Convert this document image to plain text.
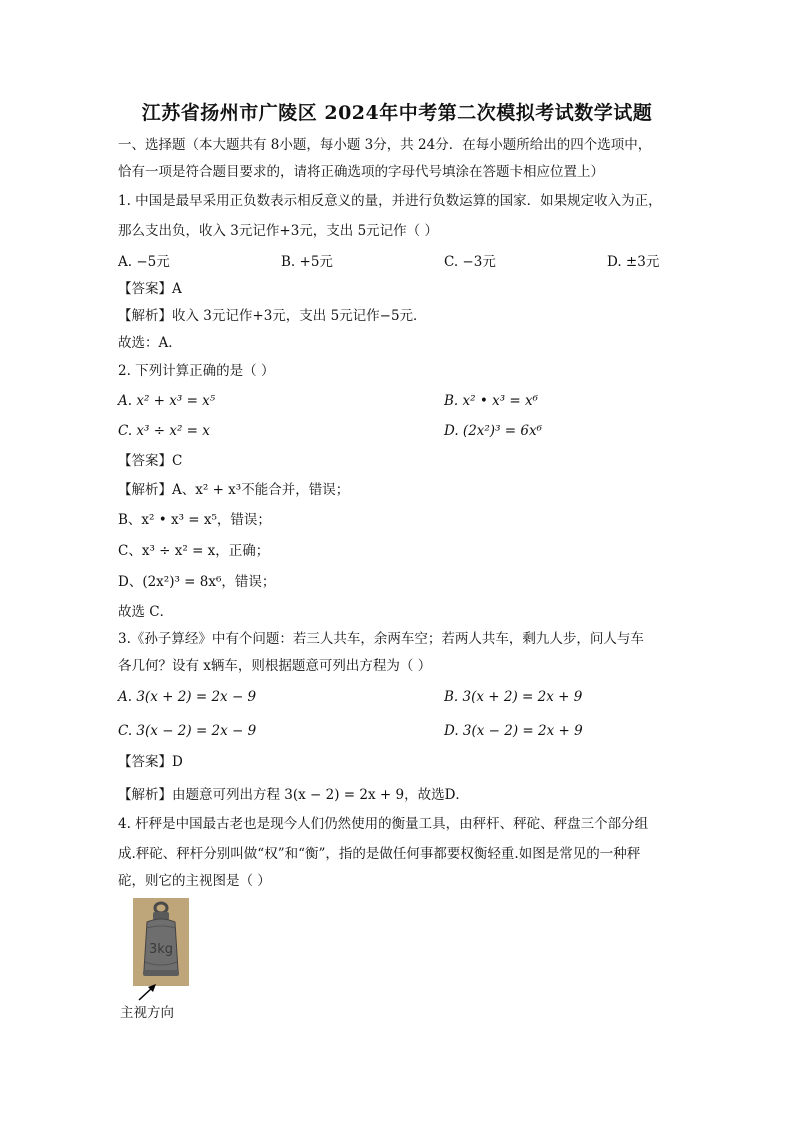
江苏省扬州市广陵区 2024年中考第二次模拟考试数学试题
一、选择题（本大题共有 8小题，每小题 3分，共 24分．在每小题所给出的四个选项中，
恰有一项是符合题目要求的，请将正确选项的字母代号填涂在答题卡相应位置上）
1. 中国是最早采用正负数表示相反意义的量，并进行负数运算的国家．如果规定收入为正，
那么支出负，收入 3元记作+3元，支出 5元记作（ ）
A. −5元	B. +5元	C. −3元	D. ±3元
【答案】A
【解析】收入 3元记作+3元，支出 5元记作−5元．
故选：A．
2. 下列计算正确的是（ ）
A. x² + x³ = x⁵	B. x² • x³ = x⁶
C. x³ ÷ x² = x	D. (2x²)³ = 6x⁶
【答案】C
【解析】A、x² + x³不能合并，错误；
B、x² • x³ = x⁵，错误；
C、x³ ÷ x² = x，正确；
D、(2x²)³ = 8x⁶，错误；
故选 C．
3.《孙子算经》中有个问题：若三人共车，余两车空；若两人共车，剩九人步，问人与车
各几何？设有 x辆车，则根据题意可列出方程为（ ）
A. 3(x + 2) = 2x − 9	B. 3(x + 2) = 2x + 9
C. 3(x − 2) = 2x − 9	D. 3(x − 2) = 2x + 9
【答案】D
【解析】由题意可列出方程 3(x − 2) = 2x + 9，故选D．
4. 杆秤是中国最古老也是现今人们仍然使用的衡量工具，由秤杆、秤砣、秤盘三个部分组
成.秤砣、秤杆分别叫做“权”和“衡”，指的是做任何事都要权衡轻重.如图是常见的一种秤
砣，则它的主视图是（ ）
3kg
主视方向
